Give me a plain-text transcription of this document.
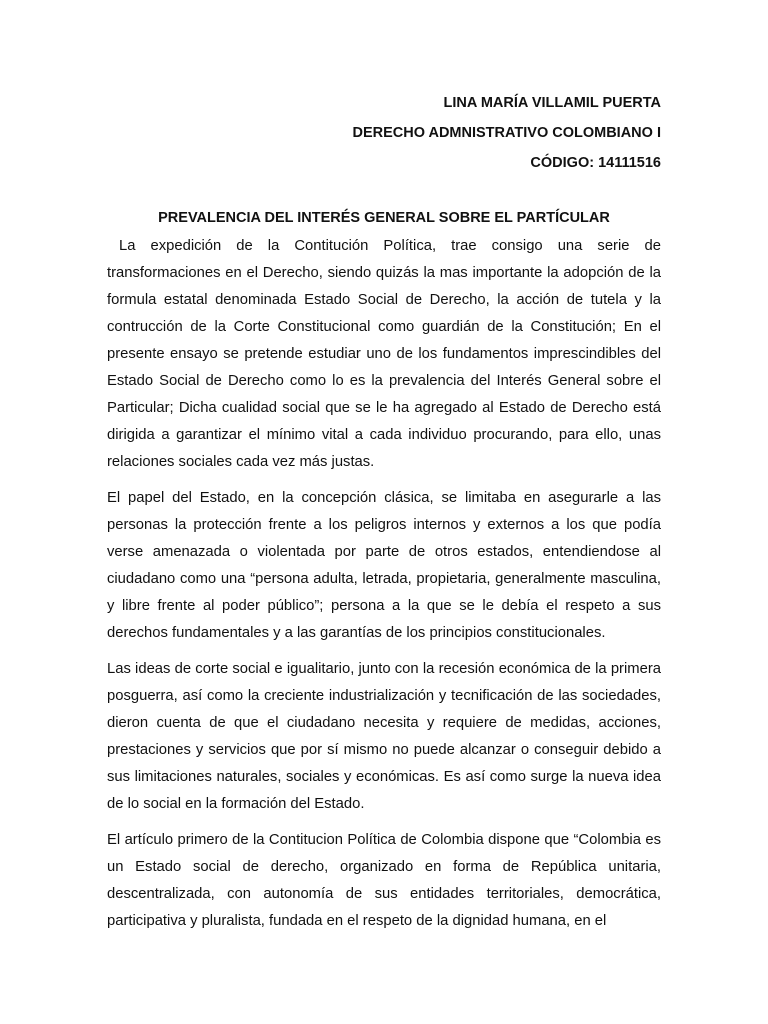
LINA MARÍA VILLAMIL PUERTA

DERECHO ADMNISTRATIVO COLOMBIANO I

CÓDIGO: 14111516

PREVALENCIA DEL INTERÉS GENERAL SOBRE EL PARTÍCULAR

La expedición de la Contitución Política, trae consigo una serie de transformaciones en el Derecho, siendo quizás la mas importante la adopción de la formula estatal denominada Estado Social de Derecho, la acción de tutela y la contrucción de la Corte Constitucional como guardián de la Constitución; En el presente ensayo se pretende estudiar uno de los fundamentos imprescindibles del Estado Social de Derecho como lo es la prevalencia del Interés General sobre el Particular; Dicha cualidad social que se le ha agregado al Estado de Derecho está dirigida a garantizar el mínimo vital a cada individuo procurando, para ello, unas relaciones sociales cada vez más justas.

El papel del Estado, en la concepción clásica, se limitaba en asegurarle a las personas la protección frente a los peligros internos y externos a los que podía verse amenazada o violentada por parte de otros estados, entendiendose al ciudadano como una “persona adulta, letrada, propietaria, generalmente masculina, y libre frente al poder público”; persona a la que se le debía el respeto a sus derechos fundamentales y a las garantías de los principios constitucionales.

Las ideas de corte social e igualitario, junto con la recesión económica de la primera posguerra, así como la creciente industrialización y tecnificación de las sociedades, dieron cuenta de que el ciudadano necesita y requiere de medidas, acciones, prestaciones y servicios que por sí mismo no puede alcanzar o conseguir debido a sus limitaciones naturales, sociales y económicas. Es así como surge la nueva idea de lo social en la formación del Estado.

El artículo primero de la Contitucion Política de Colombia dispone que “Colombia es un Estado social de derecho, organizado en forma de República unitaria, descentralizada, con autonomía de sus entidades territoriales, democrática, participativa y pluralista, fundada en el respeto de la dignidad humana, en el
